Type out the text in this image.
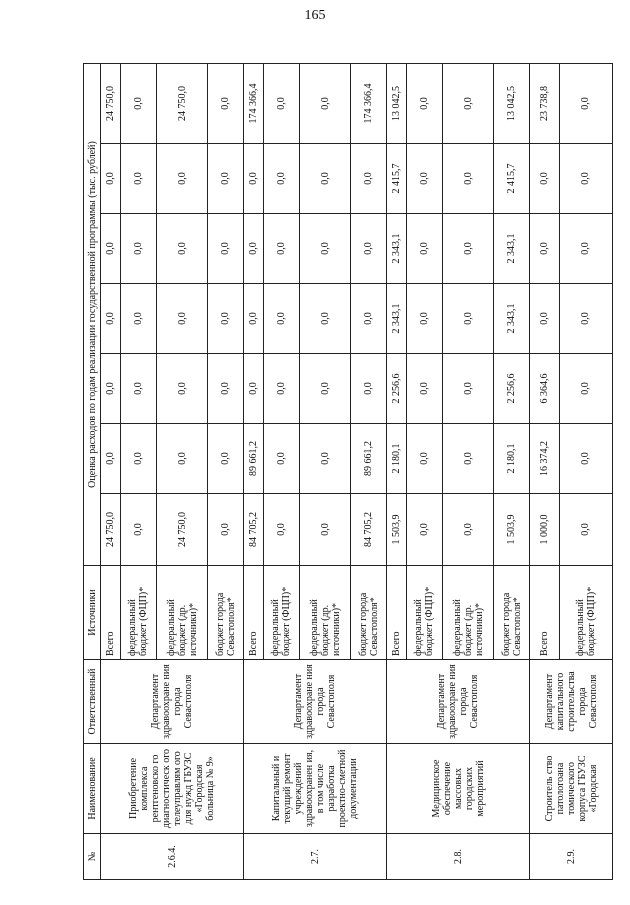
165
№	Наименование	Ответственный	Источники	Оценка расходов по годам реализации государственной программы (тыс. рублей)						
2.6.4.	Приобретение комплекса рентгеновско го диагностическ ого телеуправлям ого для нужд ГБУЗС «Городская больница № 9»	Департамент здравоохране ния города Севастополя	Всего	24 750,0	0,0	0,0	0,0	0,0	0,0	24 750,0
			федеральный бюджет (ФЦП)*	0,0	0,0	0,0	0,0	0,0	0,0	0,0
			федеральный бюджет (др. источники)*	24 750,0	0,0	0,0	0,0	0,0	0,0	24 750,0
			бюджет города Севастополя*	0,0	0,0	0,0	0,0	0,0	0,0	0,0
2.7.	Капитальный и текущий ремонт учреждений здравоохранен ия, в том числе разработка проектно-сметной документации	Департамент здравоохране ния города Севастополя	Всего	84 705,2	89 661,2	0,0	0,0	0,0	0,0	174 366,4
			федеральный бюджет (ФЦП)*	0,0	0,0	0,0	0,0	0,0	0,0	0,0
			федеральный бюджет (др. источники)*	0,0	0,0	0,0	0,0	0,0	0,0	0,0
			бюджет города Севастополя*	84 705,2	89 661,2	0,0	0,0	0,0	0,0	174 366,4
2.8.	Медицинское обеспечение массовых городских мероприятий	Департамент здравоохране ния города Севастополя	Всего	1 503,9	2 180,1	2 256,6	2 343,1	2 343,1	2 415,7	13 042,5
			федеральный бюджет (ФЦП)*	0,0	0,0	0,0	0,0	0,0	0,0	0,0
			федеральный бюджет (др. источники)*	0,0	0,0	0,0	0,0	0,0	0,0	0,0
			бюджет города Севастополя*	1 503,9	2 180,1	2 256,6	2 343,1	2 343,1	2 415,7	13 042,5
2.9.	Строитель ство патологоана томического корпуса ГБУЗС «Городская	Департамент капитального строительства города Севастополя	Всего	1 000,0	16 374,2	6 364,6	0,0	0,0	0,0	23 738,8
			федеральный бюджет (ФЦП)*	0,0	0,0	0,0	0,0	0,0	0,0	0,0
